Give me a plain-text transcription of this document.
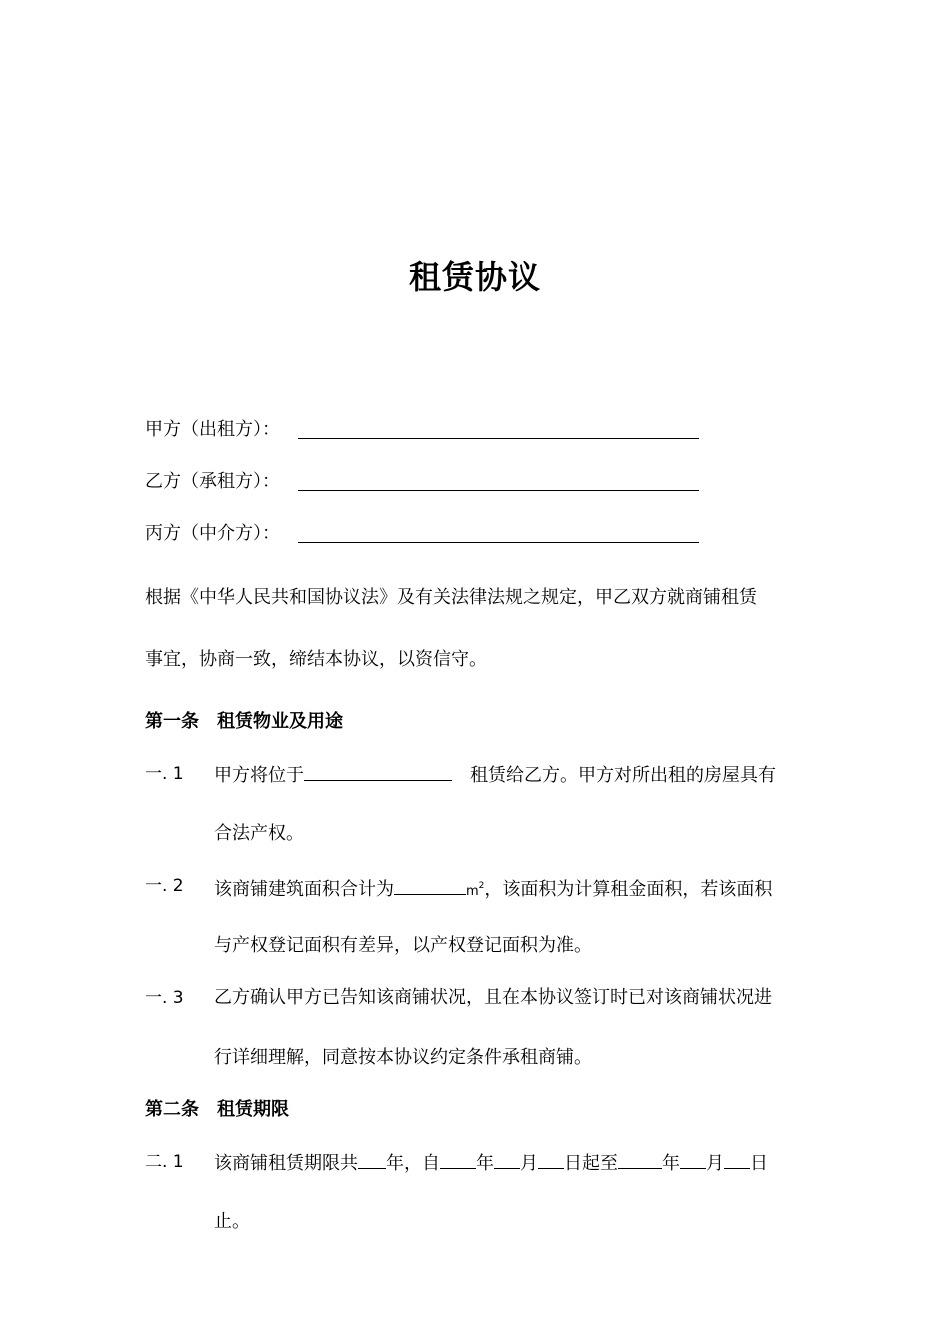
租赁协议
甲方（出租方）：
乙方（承租方）：
丙方（中介方）：
根据《中华人民共和国协议法》及有关法律法规之规定，甲乙双方就商铺租赁
事宜，协商一致，缔结本协议，以资信守。
第一条　租赁物业及用途
一. 1 甲方将位于	　租赁给乙方。甲方对所出租的房屋具有
合法产权。
一. 2 该商铺建筑面积合计为	$m^2$，该面积为计算租金面积，若该面积
与产权登记面积有差异，以产权登记面积为准。
一. 3 乙方确认甲方已告知该商铺状况，且在本协议签订时已对该商铺状况进
行详细理解，同意按本协议约定条件承租商铺。
第二条　租赁期限
二. 1 该商铺租赁期限共 年，自 年 月 日起至 年 月 日
止。
